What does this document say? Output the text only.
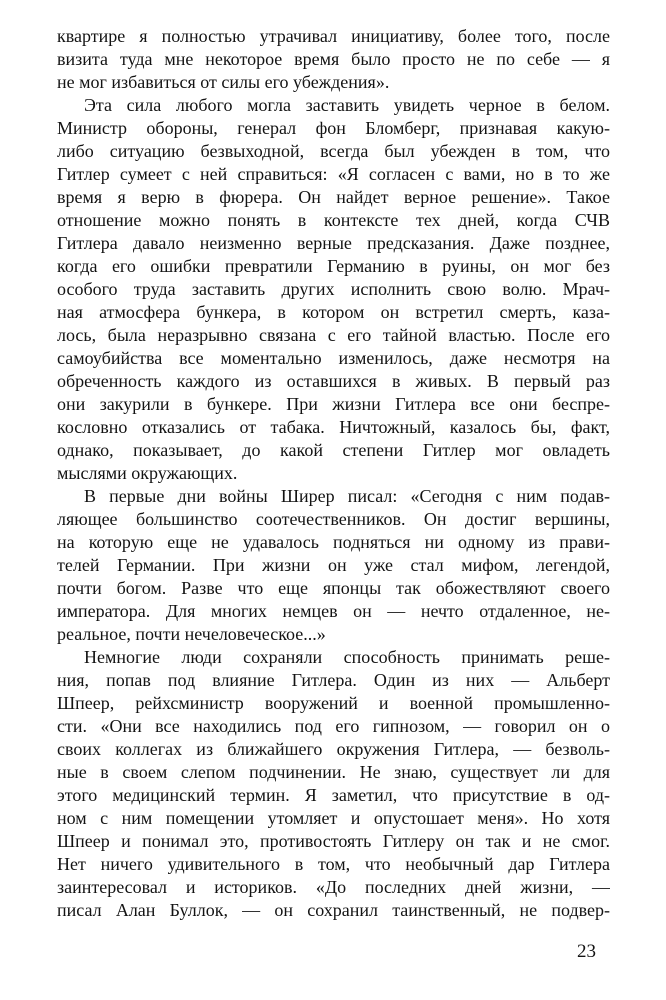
квартире я полностью утрачивал инициативу, более того, после
визита туда мне некоторое время было просто не по себе — я
не мог избавиться от силы его убеждения».
Эта сила любого могла заставить увидеть черное в белом.
Министр обороны, генерал фон Бломберг, признавая какую-
либо ситуацию безвыходной, всегда был убежден в том, что
Гитлер сумеет с ней справиться: «Я согласен с вами, но в то же
время я верю в фюрера. Он найдет верное решение». Такое
отношение можно понять в контексте тех дней, когда СЧВ
Гитлера давало неизменно верные предсказания. Даже позднее,
когда его ошибки превратили Германию в руины, он мог без
особого труда заставить других исполнить свою волю. Мрач-
ная атмосфера бункера, в котором он встретил смерть, каза-
лось, была неразрывно связана с его тайной властью. После его
самоубийства все моментально изменилось, даже несмотря на
обреченность каждого из оставшихся в живых. В первый раз
они закурили в бункере. При жизни Гитлера все они беспре-
кословно отказались от табака. Ничтожный, казалось бы, факт,
однако, показывает, до какой степени Гитлер мог овладеть
мыслями окружающих.
В первые дни войны Ширер писал: «Сегодня с ним подав-
ляющее большинство соотечественников. Он достиг вершины,
на которую еще не удавалось подняться ни одному из прави-
телей Германии. При жизни он уже стал мифом, легендой,
почти богом. Разве что еще японцы так обожествляют своего
императора. Для многих немцев он — нечто отдаленное, не-
реальное, почти нечеловеческое...»
Немногие люди сохраняли способность принимать реше-
ния, попав под влияние Гитлера. Один из них — Альберт
Шпеер, рейхсминистр вооружений и военной промышленно-
сти. «Они все находились под его гипнозом, — говорил он о
своих коллегах из ближайшего окружения Гитлера, — безволь-
ные в своем слепом подчинении. Не знаю, существует ли для
этого медицинский термин. Я заметил, что присутствие в од-
ном с ним помещении утомляет и опустошает меня». Но хотя
Шпеер и понимал это, противостоять Гитлеру он так и не смог.
Нет ничего удивительного в том, что необычный дар Гитлера
заинтересовал и историков. «До последних дней жизни, —
писал Алан Буллок, — он сохранил таинственный, не подвер-
23
